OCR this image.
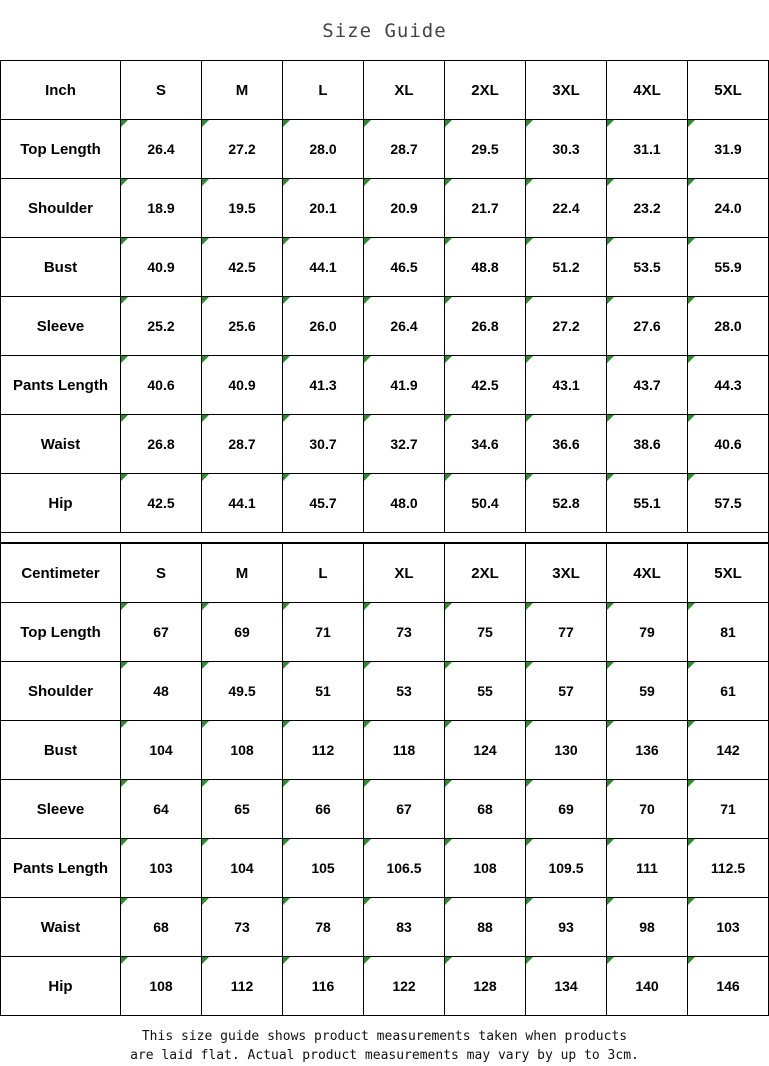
Size Guide
Inch	S	M	L	XL	2XL	3XL	4XL	5XL
Top Length	26.4	27.2	28.0	28.7	29.5	30.3	31.1	31.9
Shoulder	18.9	19.5	20.1	20.9	21.7	22.4	23.2	24.0
Bust	40.9	42.5	44.1	46.5	48.8	51.2	53.5	55.9
Sleeve	25.2	25.6	26.0	26.4	26.8	27.2	27.6	28.0
Pants Length	40.6	40.9	41.3	41.9	42.5	43.1	43.7	44.3
Waist	26.8	28.7	30.7	32.7	34.6	36.6	38.6	40.6
Hip	42.5	44.1	45.7	48.0	50.4	52.8	55.1	57.5
Centimeter	S	M	L	XL	2XL	3XL	4XL	5XL
Top Length	67	69	71	73	75	77	79	81
Shoulder	48	49.5	51	53	55	57	59	61
Bust	104	108	112	118	124	130	136	142
Sleeve	64	65	66	67	68	69	70	71
Pants Length	103	104	105	106.5	108	109.5	111	112.5
Waist	68	73	78	83	88	93	98	103
Hip	108	112	116	122	128	134	140	146
This size guide shows product measurements taken when products
are laid flat. Actual product measurements may vary by up to 3cm.
